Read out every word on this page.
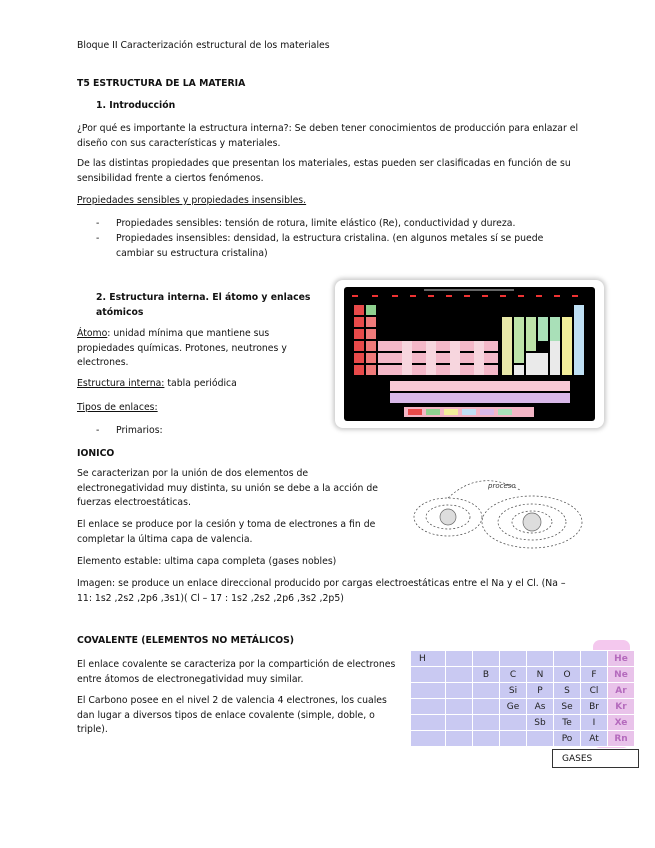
Bloque II Caracterización estructural de los materiales
T5 ESTRUCTURA DE LA MATERIA
1. Introducción

¿Por qué es importante la estructura interna?: Se deben tener conocimientos de producción para enlazar el diseño con sus características y materiales.

De las distintas propiedades que presentan los materiales, estas pueden ser clasificadas en función de su sensibilidad frente a ciertos fenómenos.

Propiedades sensibles y propiedades insensibles.
- Propiedades sensibles: tensión de rotura, limite elástico (Re), conductividad y dureza.

- Propiedades insensibles: densidad, la estructura cristalina. (en algunos metales sí se puede cambiar su estructura cristalina)

2. Estructura interna. El átomo y enlaces atómicos

Átomo: unidad mínima que mantiene sus propiedades químicas. Protones, neutrones y electrones.

Estructura interna: tabla periódica

Tipos de enlaces:
- Primarios:
IONICO

Se caracterizan por la unión de dos elementos de electronegatividad muy distinta, su unión se debe a la acción de fuerzas electroestáticas.

El enlace se produce por la cesión y toma de electrones a fin de completar la última capa de valencia.

Elemento estable: ultima capa completa (gases nobles)

Imagen: se produce un enlace direccional producido por cargas electroestáticas entre el Na y el Cl. (Na – 11: 1s2 ,2s2 ,2p6 ,3s1)( Cl – 17 : 1s2 ,2s2 ,2p6 ,3s2 ,2p5)

proceso
COVALENTE (ELEMENTOS NO METÁLICOS)

El enlace covalente se caracteriza por la compartición de electrones entre átomos de electronegatividad muy similar.

El Carbono posee en el nivel 2 de valencia 4 electrones, los cuales dan lugar a diversos tipos de enlace covalente (simple, doble, o triple).

H							He
		B	C	N	O	F	Ne
			Si	P	S	Cl	Ar
			Ge	As	Se	Br	Kr
				Sb	Te	I	Xe
					Po	At	Rn
GASES
